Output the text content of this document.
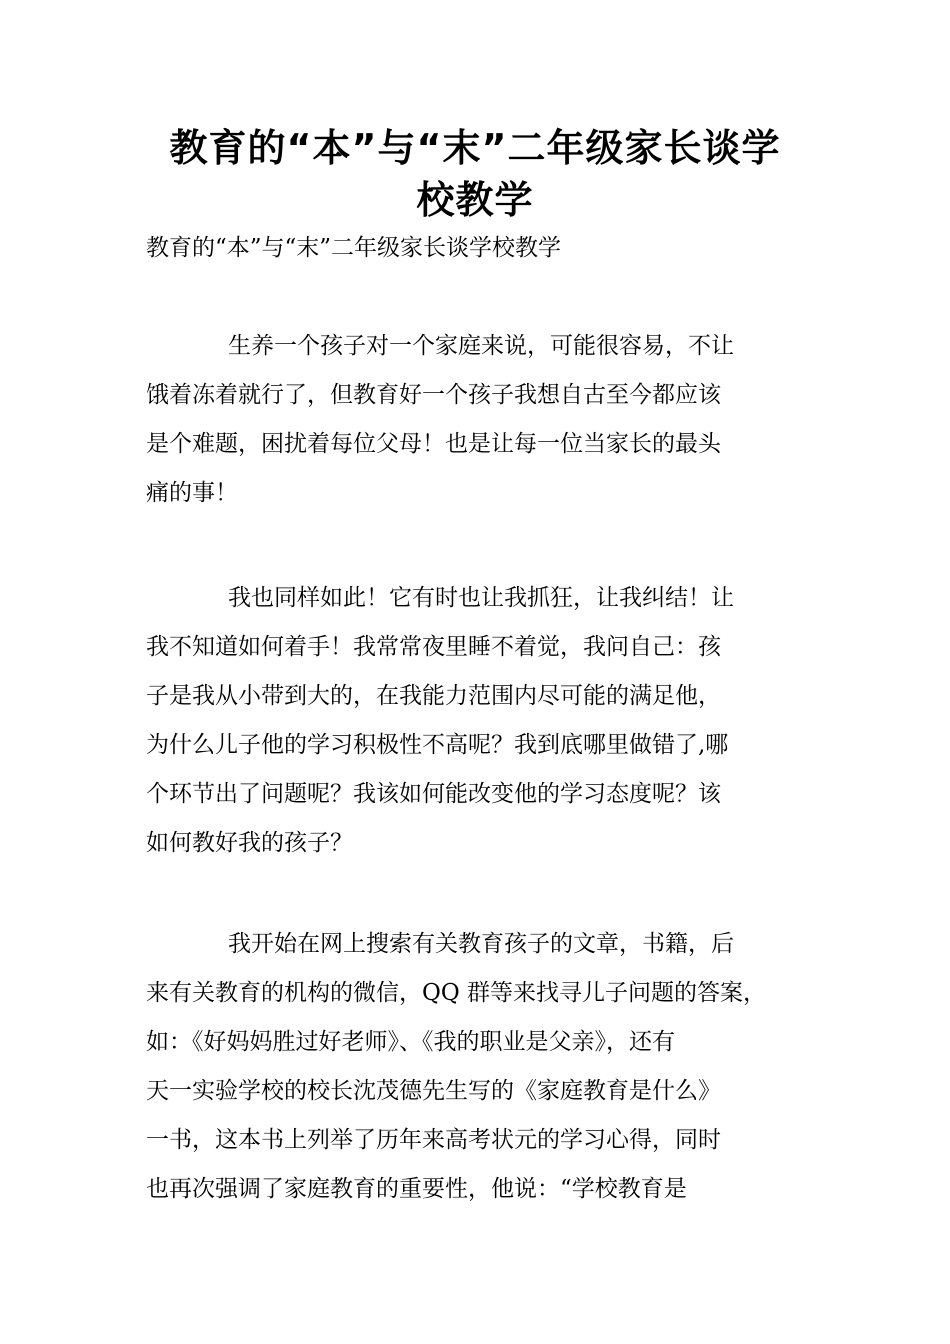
教育的“本”与“末”二年级家长谈学
校教学

教育的“本”与“末”二年级家长谈学校教学

生养一个孩子对一个家庭来说，可能很容易，不让
饿着冻着就行了，但教育好一个孩子我想自古至今都应该
是个难题，困扰着每位父母！也是让每一位当家长的最头
痛的事！
我也同样如此！它有时也让我抓狂，让我纠结！让
我不知道如何着手！我常常夜里睡不着觉，我问自己：孩
子是我从小带到大的，在我能力范围内尽可能的满足他，
为什么儿子他的学习积极性不高呢？我到底哪里做错了,哪
个环节出了问题呢？我该如何能改变他的学习态度呢？该
如何教好我的孩子？
我开始在网上搜索有关教育孩子的文章，书籍，后
来有关教育的机构的微信，QQ 群等来找寻儿子问题的答案，
如：《好妈妈胜过好老师》、《我的职业是父亲》，还有
天一实验学校的校长沈茂德先生写的《家庭教育是什么》
一书，这本书上列举了历年来高考状元的学习心得，同时
也再次强调了家庭教育的重要性，他说：“学校教育是
